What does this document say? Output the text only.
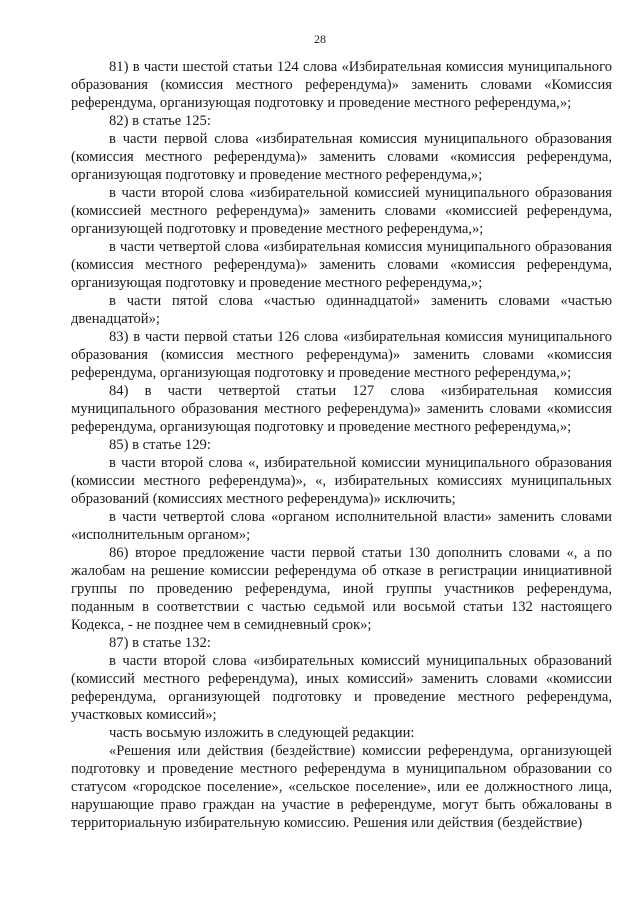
28

81) в части шестой статьи 124 слова «Избирательная комиссия муниципального образования (комиссия местного референдума)» заменить словами «Комиссия референдума, организующая подготовку и проведение местного референдума,»;

82) в статье 125:

в части первой слова «избирательная комиссия муниципального образования (комиссия местного референдума)» заменить словами «комиссия референдума, организующая подготовку и проведение местного референдума,»;

в части второй слова «избирательной комиссией муниципального образования (комиссией местного референдума)» заменить словами «комиссией референдума, организующей подготовку и проведение местного референдума,»;

в части четвертой слова «избирательная комиссия муниципального образования (комиссия местного референдума)» заменить словами «комиссия референдума, организующая подготовку и проведение местного референдума,»;

в части пятой слова «частью одиннадцатой» заменить словами «частью двенадцатой»;

83) в части первой статьи 126 слова «избирательная комиссия муниципального образования (комиссия местного референдума)» заменить словами «комиссия референдума, организующая подготовку и проведение местного референдума,»;

84) в части четвертой статьи 127 слова «избирательная комиссия муниципального образования местного референдума)» заменить словами «комиссия референдума, организующая подготовку и проведение местного референдума,»;

85) в статье 129:

в части второй слова «, избирательной комиссии муниципального образования (комиссии местного референдума)», «, избирательных комиссиях муниципальных образований (комиссиях местного референдума)» исключить;

в части четвертой слова «органом исполнительной власти» заменить словами «исполнительным органом»;

86) второе предложение части первой статьи 130 дополнить словами «, а по жалобам на решение комиссии референдума об отказе в регистрации инициативной группы по проведению референдума, иной группы участников референдума, поданным в соответствии с частью седьмой или восьмой статьи 132 настоящего Кодекса, - не позднее чем в семидневный срок»;

87) в статье 132:

в части второй слова «избирательных комиссий муниципальных образований (комиссий местного референдума), иных комиссий» заменить словами «комиссии референдума, организующей подготовку и проведение местного референдума, участковых комиссий»;

часть восьмую изложить в следующей редакции:

«Решения или действия (бездействие) комиссии референдума, организующей подготовку и проведение местного референдума в муниципальном образовании со статусом «городское поселение», «сельское поселение», или ее должностного лица, нарушающие право граждан на участие в референдуме, могут быть обжалованы в территориальную избирательную комиссию. Решения или действия (бездействие)
